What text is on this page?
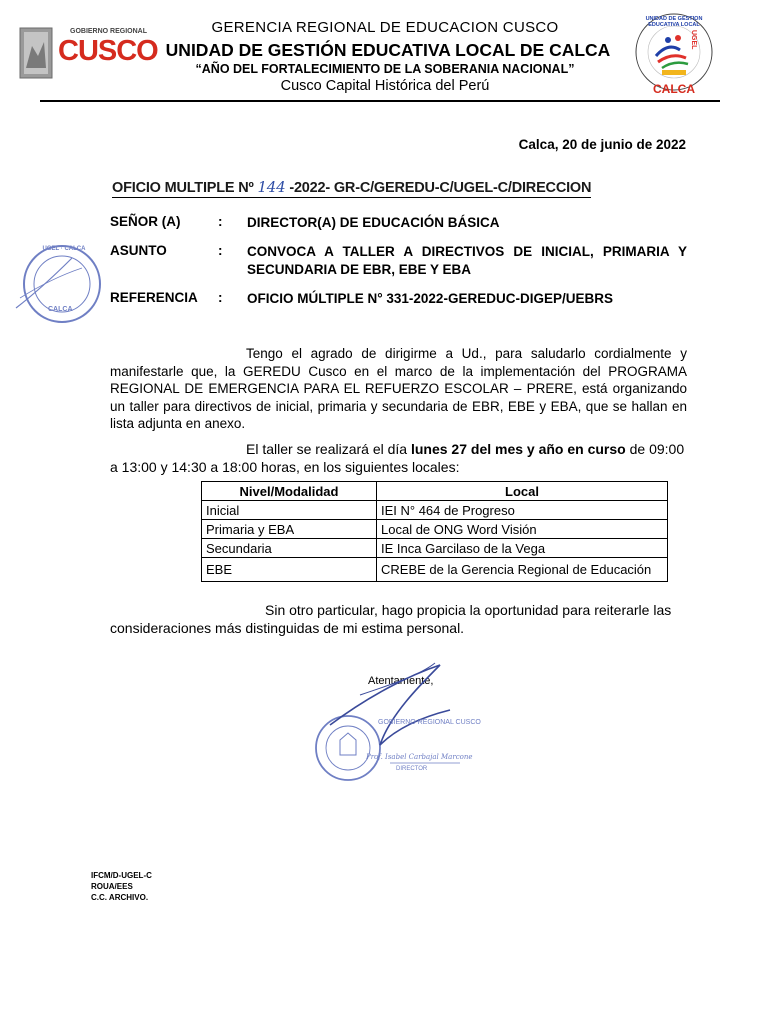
GOBIERNO REGIONAL
CUSCO
GERENCIA REGIONAL DE EDUCACION CUSCO
UNIDAD DE GESTIÓN EDUCATIVA LOCAL DE CALCA
“AÑO DEL FORTALECIMIENTO DE LA SOBERANIA NACIONAL”
Cusco Capital Histórica del Perú
UNIDAD DE GESTION EDUCATIVA LOCAL
UGEL
CALCA
Calca, 20 de junio de 2022
OFICIO MULTIPLE Nº 144 -2022- GR-C/GEREDU-C/UGEL-C/DIRECCION
SEÑOR (A)	: DIRECTOR(A) DE EDUCACIÓN BÁSICA
ASUNTO	: CONVOCA A TALLER A DIRECTIVOS DE INICIAL, PRIMARIA Y SECUNDARIA DE EBR, EBE Y EBA
REFERENCIA : OFICIO MÚLTIPLE N° 331-2022-GEREDUC-DIGEP/UEBRS
UGEL · CALCA
CALCA
Tengo el agrado de dirigirme a Ud., para saludarlo cordialmente y manifestarle que, la GEREDU Cusco en el marco de la implementación del PROGRAMA REGIONAL DE EMERGENCIA PARA EL REFUERZO ESCOLAR – PRERE, está organizando un taller para directivos de inicial, primaria y secundaria de EBR, EBE y EBA, que se hallan en lista adjunta en anexo.
El taller se realizará el día lunes 27 del mes y año en curso de 09:00 a 13:00 y 14:30 a 18:00 horas, en los siguientes locales:
Nivel/Modalidad	Local
Inicial	IEI N° 464 de Progreso
Primaria y EBA	Local de ONG Word Visión
Secundaria	IE Inca Garcilaso de la Vega
EBE	CREBE de la Gerencia Regional de Educación
Sin otro particular, hago propicia la oportunidad para reiterarle las consideraciones más distinguidas de mi estima personal.
Atentamente,
GOBIERNO REGIONAL CUSCO
Prof. Isabel Carbajal Marcone
DIRECTOR
IFCM/D-UGEL-C
ROUA/EES
C.C. ARCHIVO.
